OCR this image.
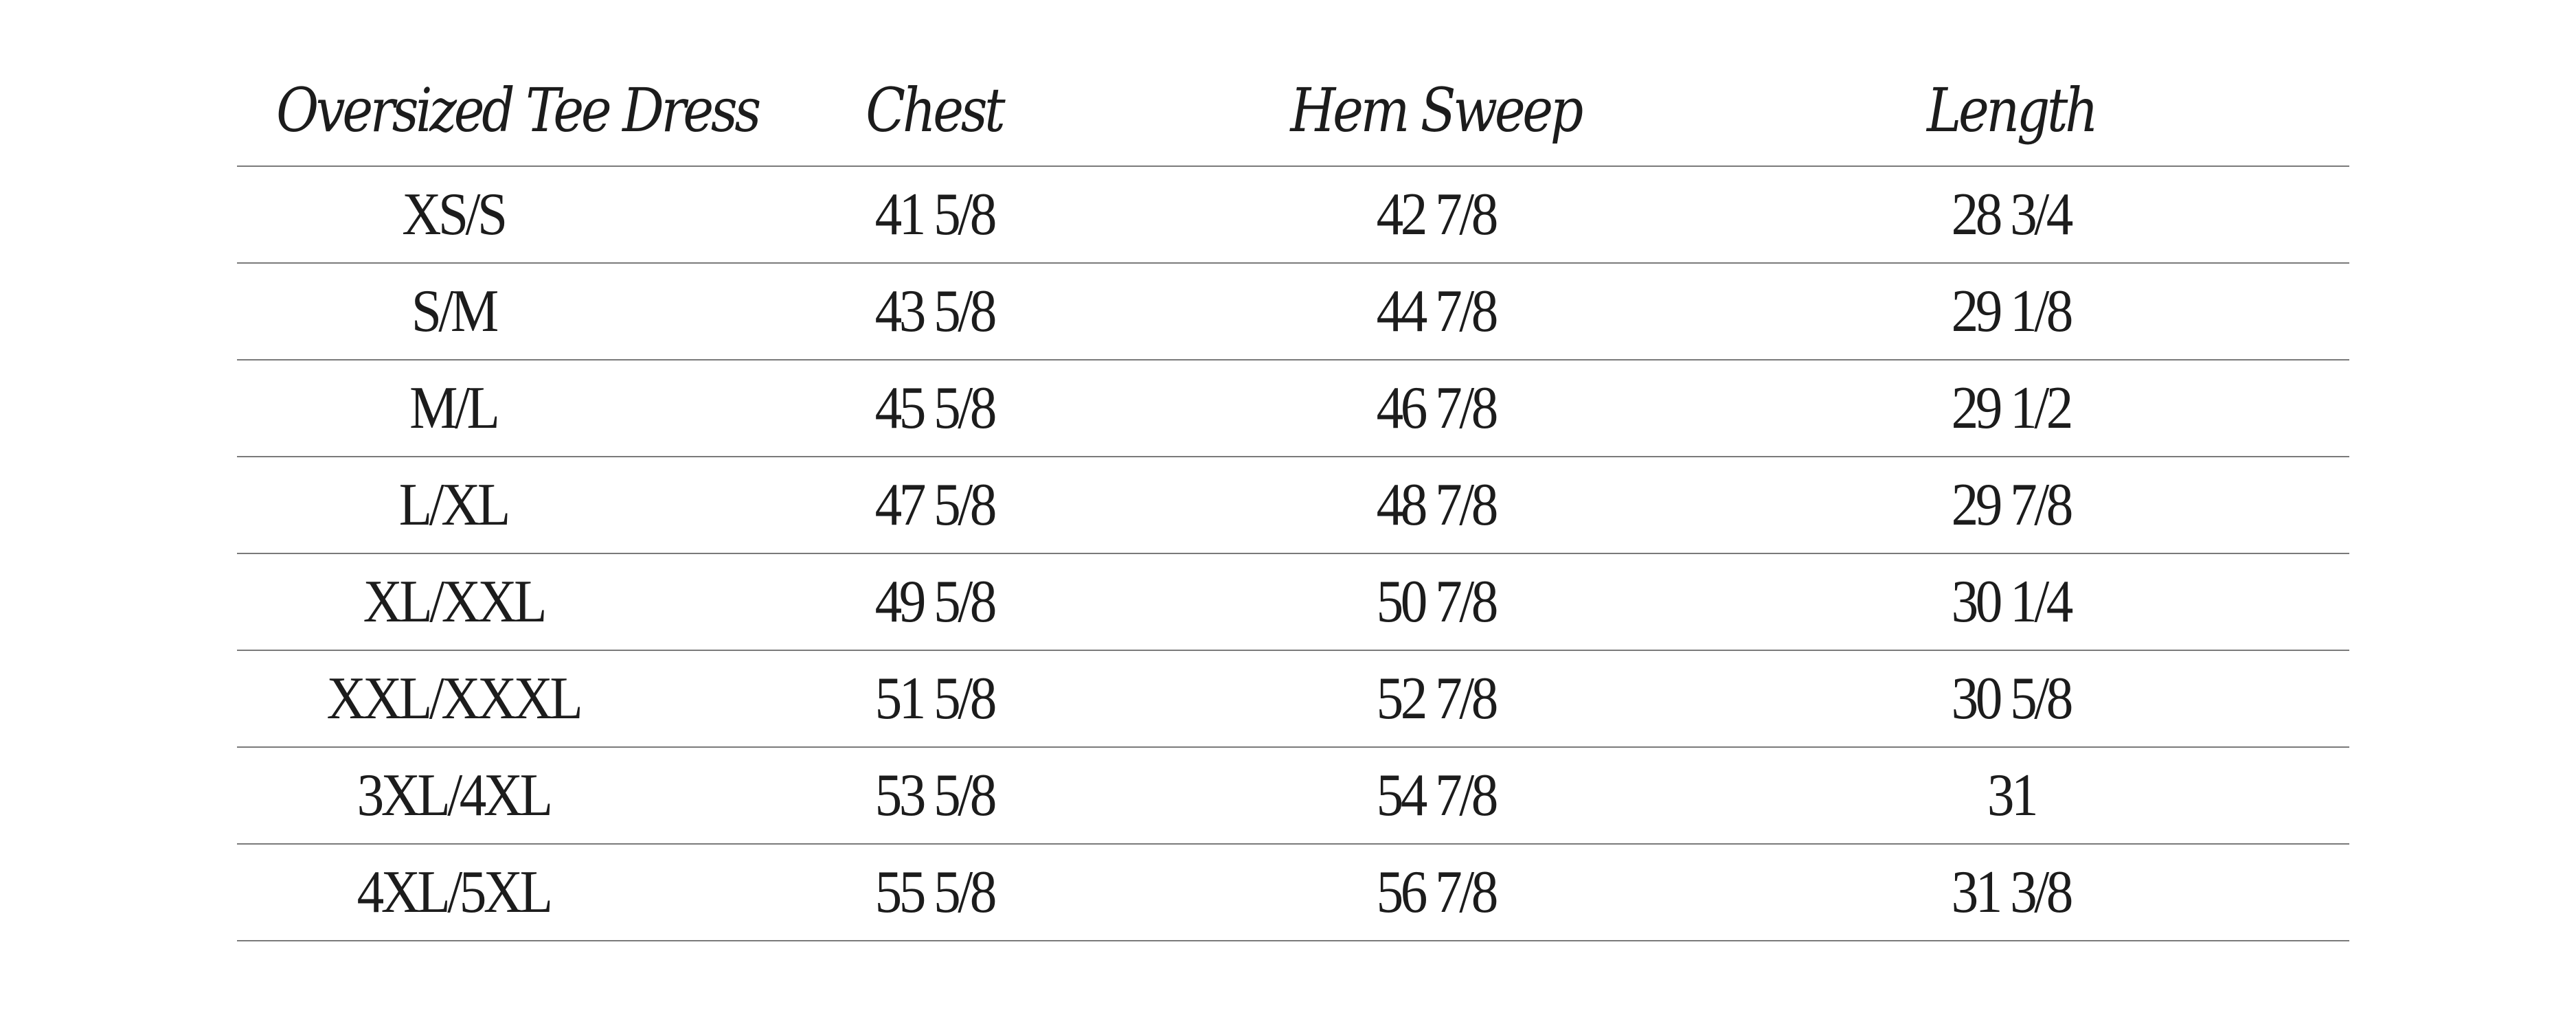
Oversized Tee Dress	Chest	Hem Sweep	Length
XS/S	41 5/8	42 7/8	28 3/4
S/M	43 5/8	44 7/8	29 1/8
M/L	45 5/8	46 7/8	29 1/2
L/XL	47 5/8	48 7/8	29 7/8
XL/XXL	49 5/8	50 7/8	30 1/4
XXL/XXXL	51 5/8	52 7/8	30 5/8
3XL/4XL	53 5/8	54 7/8	31
4XL/5XL	55 5/8	56 7/8	31 3/8
